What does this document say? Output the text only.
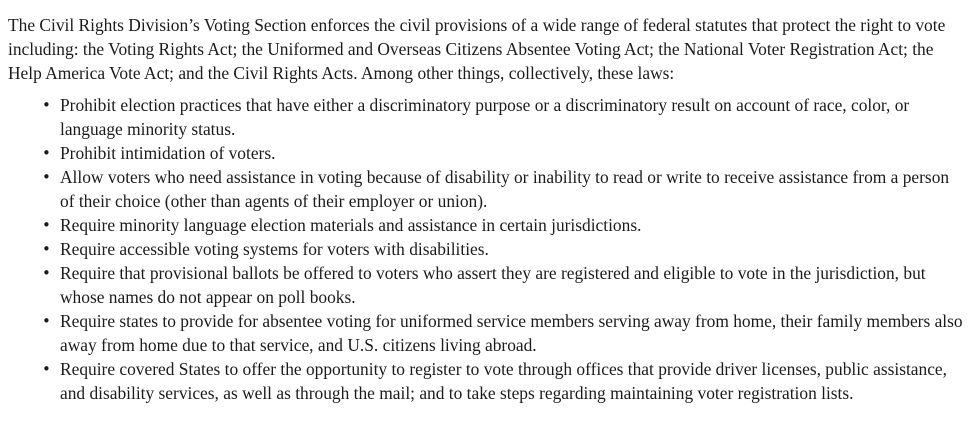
The Civil Rights Division’s Voting Section enforces the civil provisions of a wide range of federal statutes that protect the right to vote including: the Voting Rights Act; the Uniformed and Overseas Citizens Absentee Voting Act; the National Voter Registration Act; the Help America Vote Act; and the Civil Rights Acts. Among other things, collectively, these laws:

• Prohibit election practices that have either a discriminatory purpose or a discriminatory result on account of race, color, or language minority status.
• Prohibit intimidation of voters.
• Allow voters who need assistance in voting because of disability or inability to read or write to receive assistance from a person of their choice (other than agents of their employer or union).
• Require minority language election materials and assistance in certain jurisdictions.
• Require accessible voting systems for voters with disabilities.
• Require that provisional ballots be offered to voters who assert they are registered and eligible to vote in the jurisdiction, but whose names do not appear on poll books.
• Require states to provide for absentee voting for uniformed service members serving away from home, their family members also away from home due to that service, and U.S. citizens living abroad.
• Require covered States to offer the opportunity to register to vote through offices that provide driver licenses, public assistance, and disability services, as well as through the mail; and to take steps regarding maintaining voter registration lists.
